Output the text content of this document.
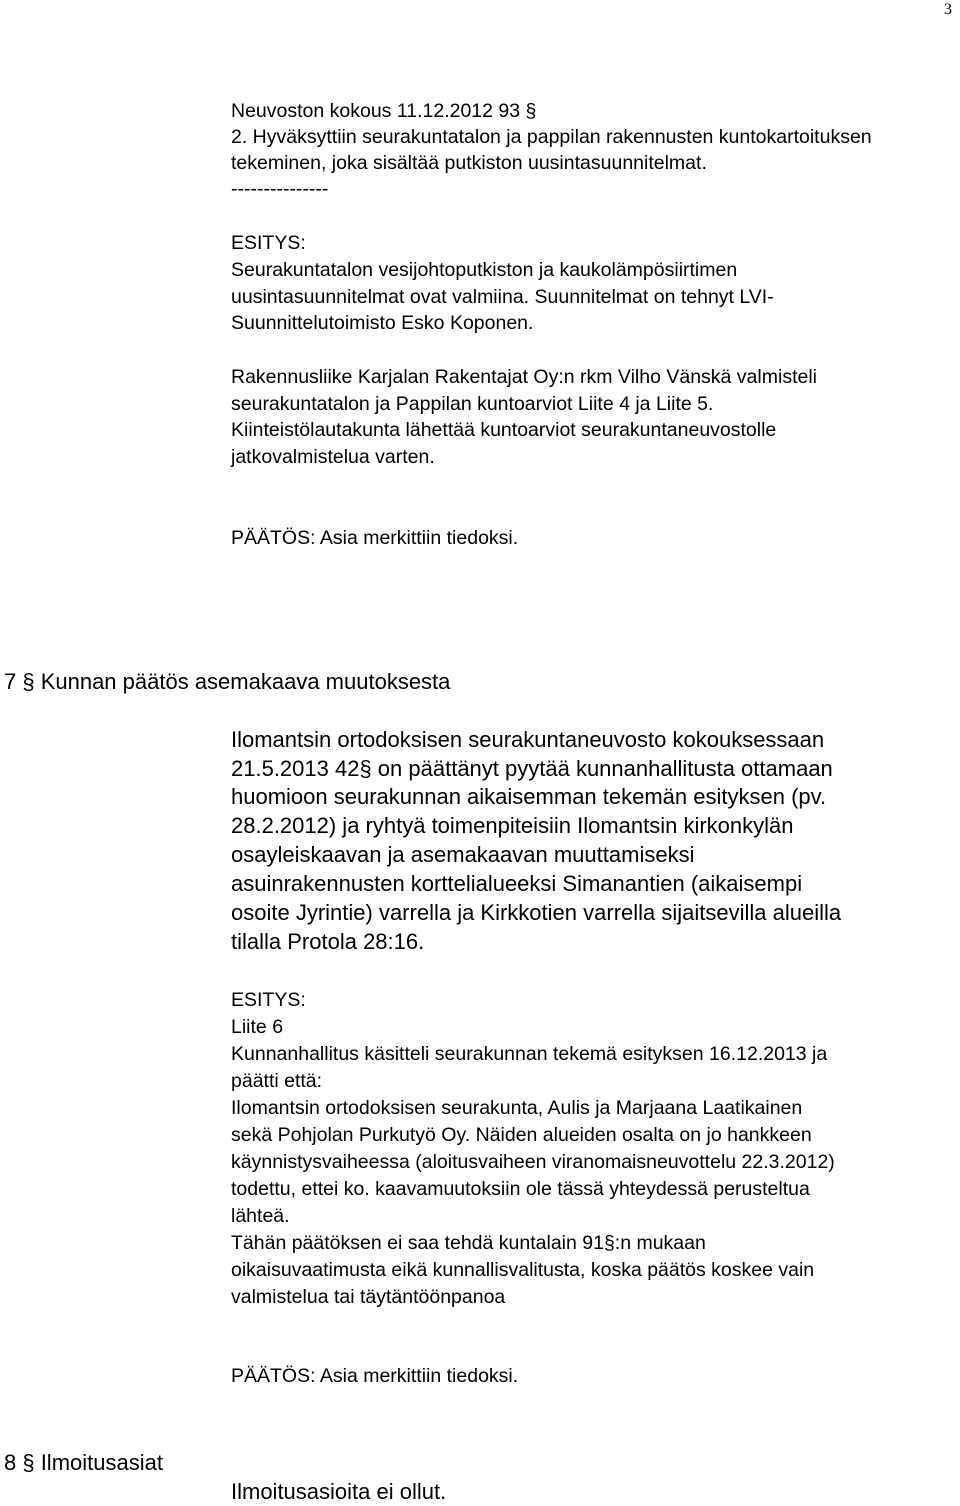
3
Neuvoston kokous 11.12.2012 93 §
2. Hyväksyttiin seurakuntatalon ja pappilan rakennusten kuntokartoituksen
tekeminen, joka sisältää putkiston uusintasuunnitelmat.
---------------
ESITYS:
Seurakuntatalon vesijohtoputkiston ja kaukolämpösiirtimen
uusintasuunnitelmat ovat valmiina. Suunnitelmat on tehnyt LVI-
Suunnittelutoimisto Esko Koponen.
Rakennusliike Karjalan Rakentajat Oy:n rkm Vilho Vänskä valmisteli
seurakuntatalon ja Pappilan kuntoarviot Liite 4 ja Liite 5.
Kiinteistölautakunta lähettää kuntoarviot seurakuntaneuvostolle
jatkovalmistelua varten.
PÄÄTÖS: Asia merkittiin tiedoksi.
7 § Kunnan päätös asemakaava muutoksesta
Ilomantsin ortodoksisen seurakuntaneuvosto kokouksessaan
21.5.2013 42§ on päättänyt pyytää kunnanhallitusta ottamaan
huomioon seurakunnan aikaisemman tekemän esityksen (pv.
28.2.2012) ja ryhtyä toimenpiteisiin Ilomantsin kirkonkylän
osayleiskaavan ja asemakaavan muuttamiseksi
asuinrakennusten korttelialueeksi Simanantien (aikaisempi
osoite Jyrintie) varrella ja Kirkkotien varrella sijaitsevilla alueilla
tilalla Protola 28:16.
ESITYS:
Liite 6
Kunnanhallitus käsitteli seurakunnan tekemä esityksen 16.12.2013 ja
päätti että:
Ilomantsin ortodoksisen seurakunta, Aulis ja Marjaana Laatikainen
sekä Pohjolan Purkutyö Oy. Näiden alueiden osalta on jo hankkeen
käynnistysvaiheessa (aloitusvaiheen viranomaisneuvottelu 22.3.2012)
todettu, ettei ko. kaavamuutoksiin ole tässä yhteydessä perusteltua
lähteä.
Tähän päätöksen ei saa tehdä kuntalain 91§:n mukaan
oikaisuvaatimusta eikä kunnallisvalitusta, koska päätös koskee vain
valmistelua tai täytäntöönpanoa
PÄÄTÖS: Asia merkittiin tiedoksi.
8 § Ilmoitusasiat
Ilmoitusasioita ei ollut.
